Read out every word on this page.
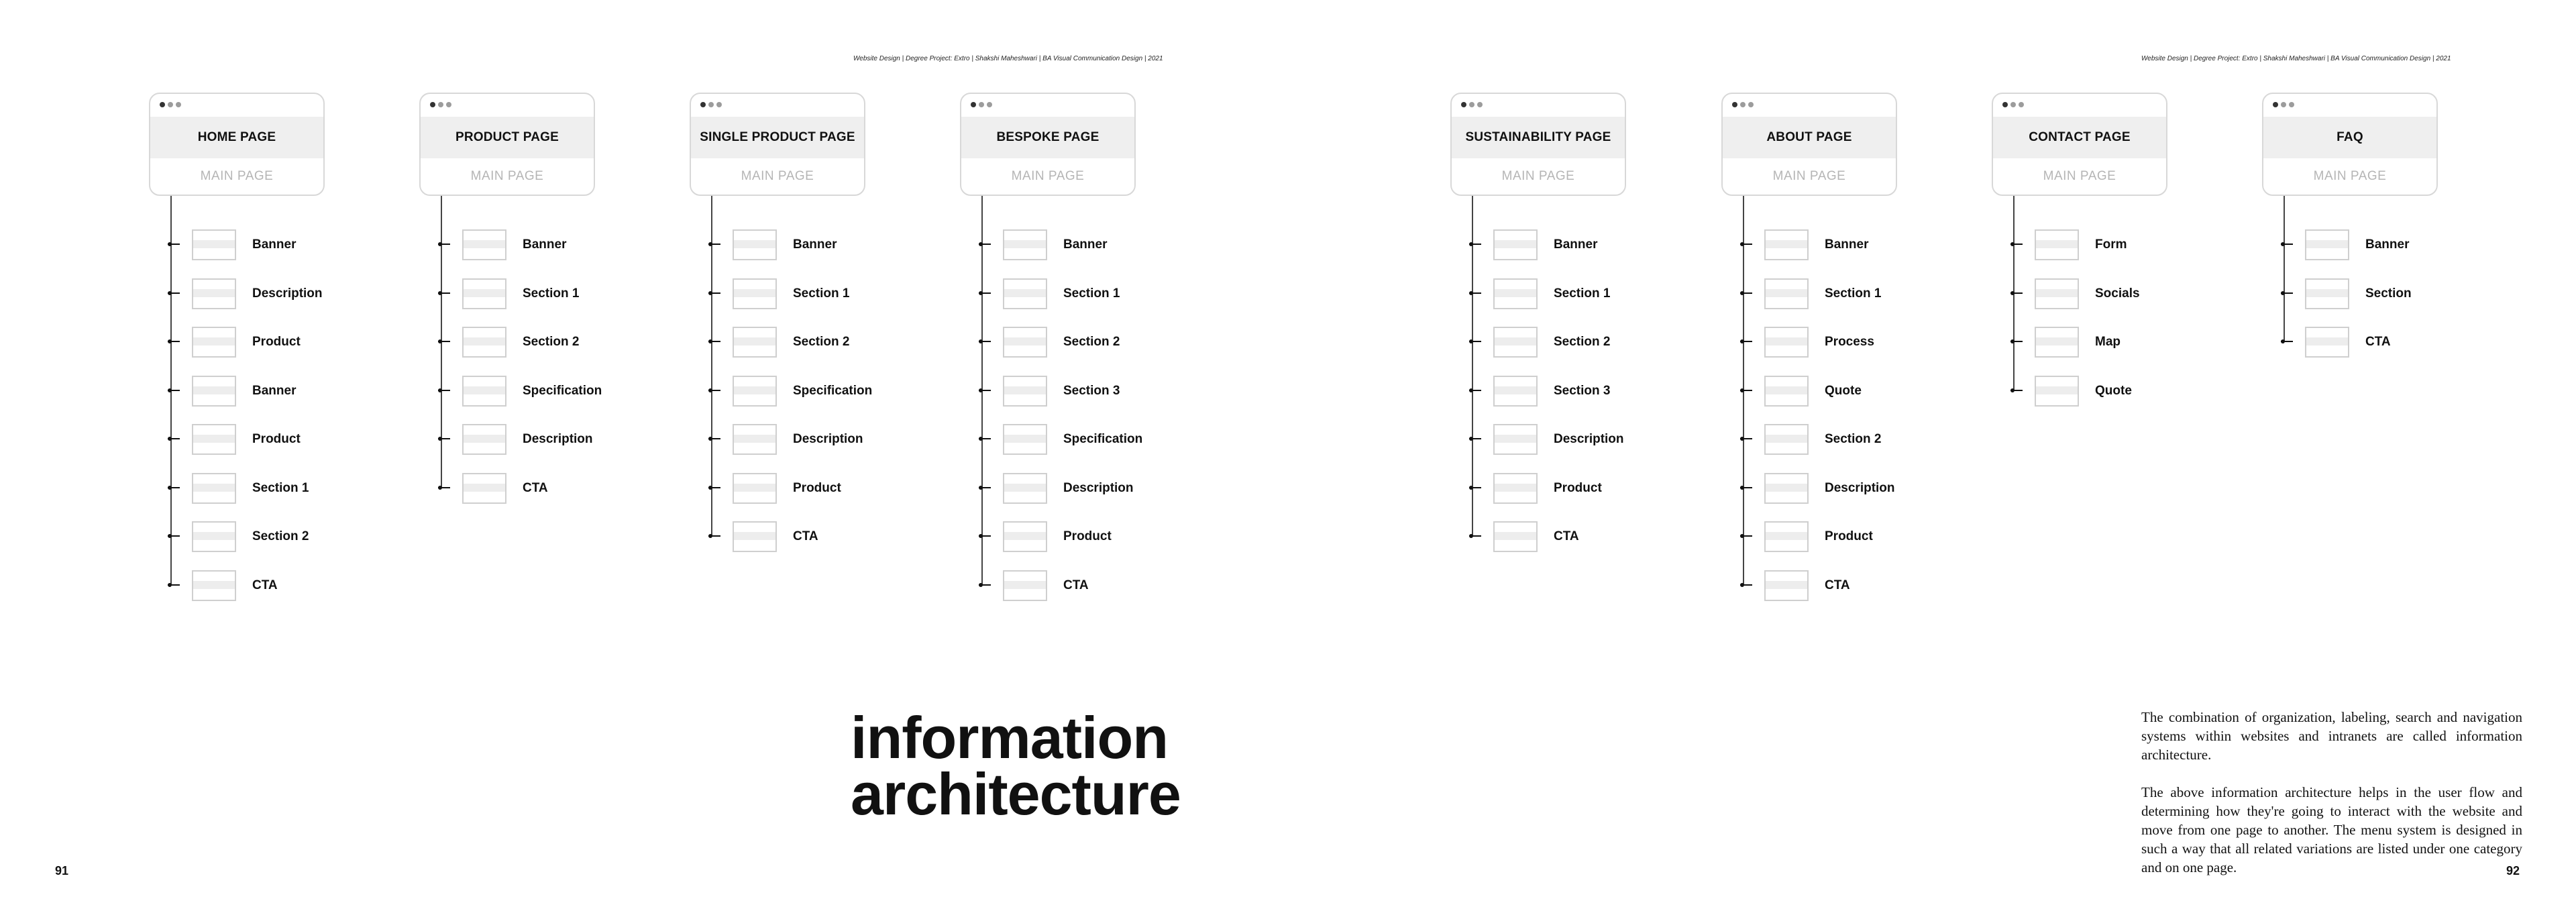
Website Design | Degree Project: Extro | Shakshi Maheshwari | BA Visual Communication Design | 2021
information
architecture
91
Website Design | Degree Project: Extro | Shakshi Maheshwari | BA Visual Communication Design | 2021

The combination of organization, labeling, search and navigation systems within websites and intranets are called information architecture.

The above information architecture helps in the user flow and determining how they're going to interact with the website and move from one page to another. The menu system is designed in such a way that all related variations are listed under one category and on one page.	92
HOME PAGE
MAIN PAGE
Banner
Description
Product
Banner
Product
Section 1
Section 2
CTA
PRODUCT PAGE
MAIN PAGE
Banner
Section 1
Section 2
Specification
Description
CTA
SINGLE PRODUCT PAGE
MAIN PAGE
Banner
Section 1
Section 2
Specification
Description
Product
CTA
BESPOKE PAGE
MAIN PAGE
Banner
Section 1
Section 2
Section 3
Specification
Description
Product
CTA
SUSTAINABILITY PAGE
MAIN PAGE
Banner
Section 1
Section 2
Section 3
Description
Product
CTA
ABOUT PAGE
MAIN PAGE
Banner
Section 1
Process
Quote
Section 2
Description
Product
CTA
CONTACT PAGE
MAIN PAGE
Form
Socials
Map
Quote
FAQ
MAIN PAGE
Banner
Section
CTA
